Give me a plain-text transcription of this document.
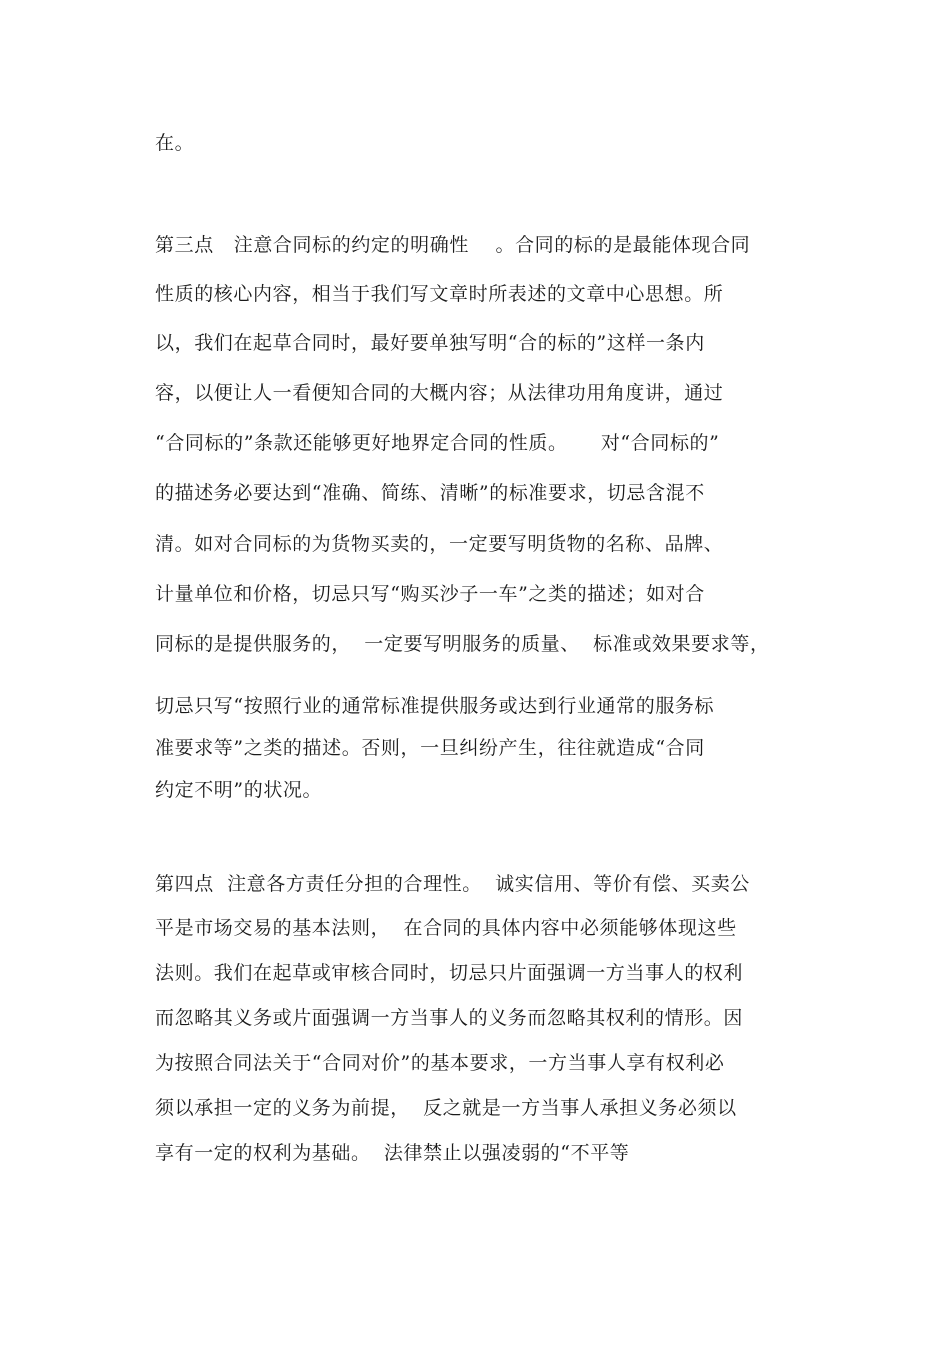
在。
第三点   注意合同标的约定的明确性    。合同的标的是最能体现合同
性质的核心内容，相当于我们写文章时所表述的文章中心思想。所
以，我们在起草合同时，最好要单独写明“合的标的”这样一条内
容，以便让人一看便知合同的大概内容；从法律功用角度讲，通过
“合同标的”条款还能够更好地界定合同的性质。     对“合同标的”
的描述务必要达到“准确、简练、清晰”的标准要求，切忌含混不
清。如对合同标的为货物买卖的，一定要写明货物的名称、品牌、
计量单位和价格，切忌只写“购买沙子一车”之类的描述；如对合
同标的是提供服务的，  一定要写明服务的质量、  标准或效果要求等，
切忌只写“按照行业的通常标准提供服务或达到行业通常的服务标
准要求等”之类的描述。否则，一旦纠纷产生，往往就造成“合同
约定不明”的状况。
第四点  注意各方责任分担的合理性。  诚实信用、等价有偿、买卖公
平是市场交易的基本法则，  在合同的具体内容中必须能够体现这些
法则。我们在起草或审核合同时，切忌只片面强调一方当事人的权利
而忽略其义务或片面强调一方当事人的义务而忽略其权利的情形。因
为按照合同法关于“合同对价”的基本要求，一方当事人享有权利必
须以承担一定的义务为前提，  反之就是一方当事人承担义务必须以
享有一定的权利为基础。  法律禁止以强凌弱的“不平等
